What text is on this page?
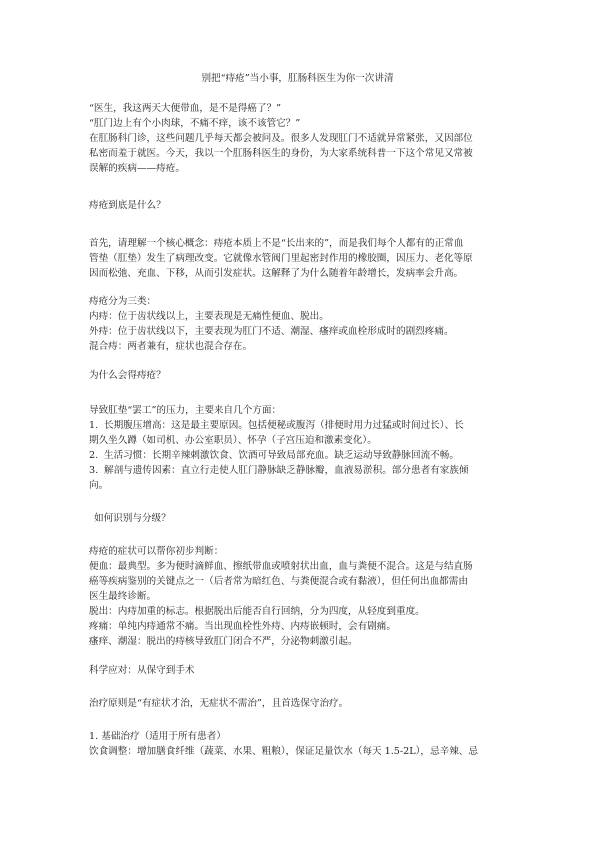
别把“痔疮”当小事，肛肠科医生为你一次讲清
“医生，我这两天大便带血，是不是得癌了？”
“肛门边上有个小肉球，不痛不痒，该不该管它？”
在肛肠科门诊，这些问题几乎每天都会被问及。很多人发现肛门不适就异常紧张，又因部位
私密而羞于就医。今天，我以一个肛肠科医生的身份，为大家系统科普一下这个常见又常被
误解的疾病——痔疮。
痔疮到底是什么？
首先，请理解一个核心概念：痔疮本质上不是“长出来的”，而是我们每个人都有的正常血
管垫（肛垫）发生了病理改变。它就像水管阀门里起密封作用的橡胶圈，因压力、老化等原
因而松弛、充血、下移，从而引发症状。这解释了为什么随着年龄增长，发病率会升高。
痔疮分为三类：
内痔：位于齿状线以上，主要表现是无痛性便血、脱出。
外痔：位于齿状线以下，主要表现为肛门不适、潮湿、瘙痒或血栓形成时的剧烈疼痛。
混合痔：两者兼有，症状也混合存在。
为什么会得痔疮？
导致肛垫“罢工”的压力，主要来自几个方面：
1. 长期腹压增高：这是最主要原因。包括便秘或腹泻（排便时用力过猛或时间过长）、长
期久坐久蹲（如司机、办公室职员）、怀孕（子宫压迫和激素变化）。
2. 生活习惯：长期辛辣刺激饮食、饮酒可导致局部充血。缺乏运动导致静脉回流不畅。
3. 解剖与遗传因素：直立行走使人肛门静脉缺乏静脉瓣，血液易淤积。部分患者有家族倾
向。
如何识别与分级？
痔疮的症状可以帮你初步判断：
便血：最典型。多为便时滴鲜血、擦纸带血或喷射状出血，血与粪便不混合。这是与结直肠
癌等疾病鉴别的关键点之一（后者常为暗红色、与粪便混合或有黏液），但任何出血都需由
医生最终诊断。
脱出：内痔加重的标志。根据脱出后能否自行回纳，分为四度，从轻度到重度。
疼痛：单纯内痔通常不痛。当出现血栓性外痔、内痔嵌顿时，会有剧痛。
瘙痒、潮湿：脱出的痔核导致肛门闭合不严，分泌物刺激引起。
科学应对：从保守到手术
治疗原则是“有症状才治，无症状不需治”，且首选保守治疗。
1. 基础治疗（适用于所有患者）
饮食调整：增加膳食纤维（蔬菜、水果、粗粮），保证足量饮水（每天 1.5-2L），忌辛辣、忌
